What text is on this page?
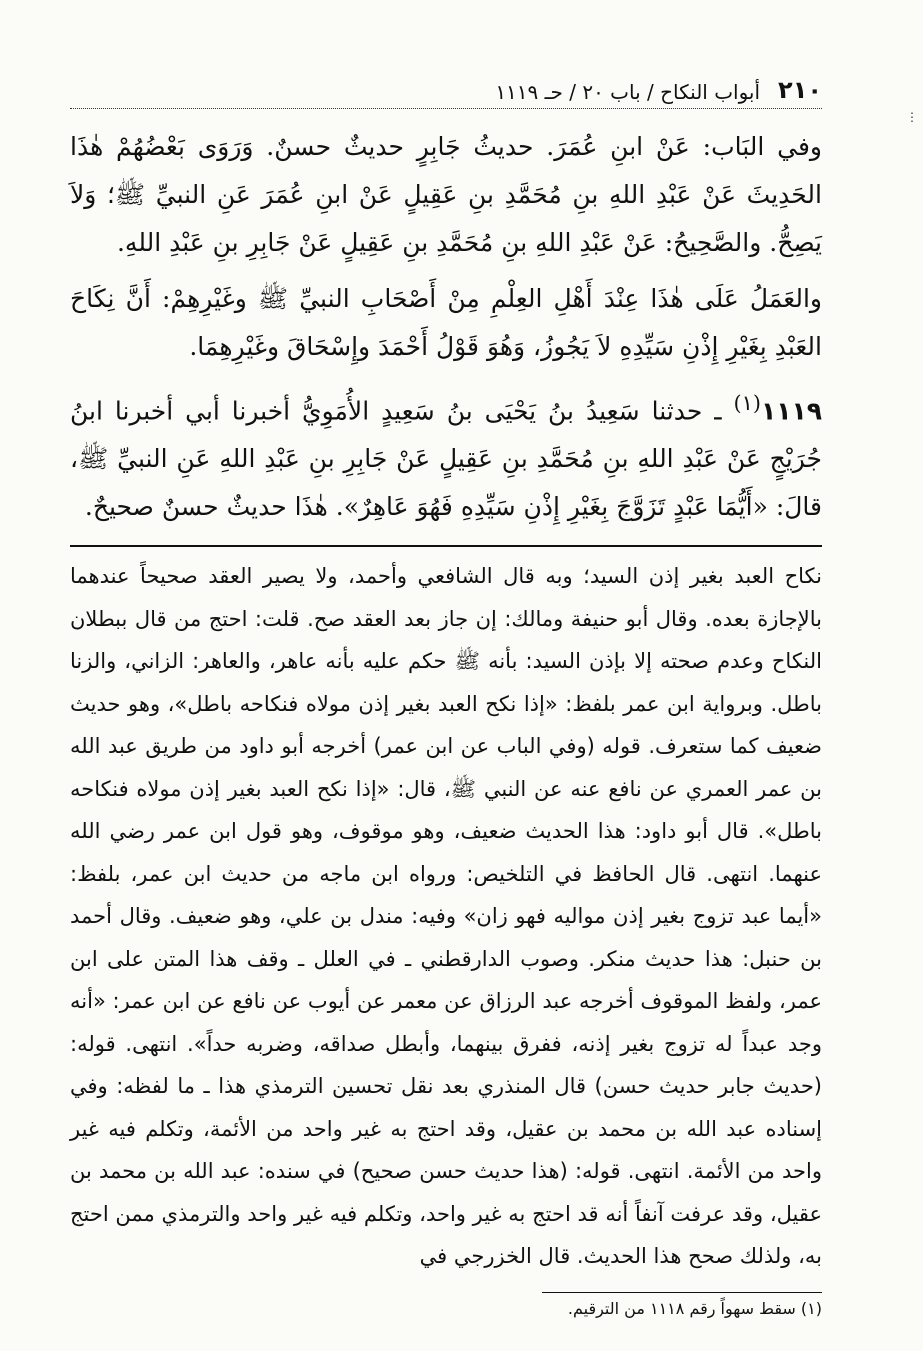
٢١٠
أبواب النكاح / باب ٢٠ / حـ ١١١٩

وفي البَاب: عَنْ ابنِ عُمَرَ. حديثُ جَابِرٍ حديثٌ حسنٌ. وَرَوَى بَعْضُهُمْ هٰذَا الحَدِيثَ عَنْ عَبْدِ اللهِ بنِ مُحَمَّدِ بنِ عَقِيلٍ عَنْ ابنِ عُمَرَ عَنِ النبيِّ ﷺ؛ وَلاَ يَصِحُّ. والصَّحِيحُ: عَنْ عَبْدِ اللهِ بنِ مُحَمَّدِ بنِ عَقِيلٍ عَنْ جَابِرِ بنِ عَبْدِ اللهِ.

والعَمَلُ عَلَى هٰذَا عِنْدَ أَهْلِ العِلْمِ مِنْ أَصْحَابِ النبيِّ ﷺ وغَيْرِهِمْ: أَنَّ نِكَاحَ العَبْدِ بِغَيْرِ إِذْنِ سَيِّدِهِ لاَ يَجُوزُ، وَهُوَ قَوْلُ أَحْمَدَ وإِسْحَاقَ وغَيْرِهِمَا.

١١١٩$^{(١)}$ ـ حدثنا سَعِيدُ بنُ يَحْيَى بنُ سَعِيدٍ الأُمَوِيُّ أخبرنا أبي أخبرنا ابنُ جُرَيْجٍ عَنْ عَبْدِ اللهِ بنِ مُحَمَّدِ بنِ عَقِيلٍ عَنْ جَابِرِ بنِ عَبْدِ اللهِ عَنِ النبيِّ ﷺ، قالَ: «أَيُّمَا عَبْدٍ تَزَوَّجَ بِغَيْرِ إِذْنِ سَيِّدِهِ فَهُوَ عَاهِرٌ». هٰذَا حديثٌ حسنٌ صحيحٌ.

نكاح العبد بغير إذن السيد؛ وبه قال الشافعي وأحمد، ولا يصير العقد صحيحاً عندهما بالإجازة بعده. وقال أبو حنيفة ومالك: إن جاز بعد العقد صح. قلت: احتج من قال ببطلان النكاح وعدم صحته إلا بإذن السيد: بأنه ﷺ حكم عليه بأنه عاهر، والعاهر: الزاني، والزنا باطل. وبرواية ابن عمر بلفظ: «إذا نكح العبد بغير إذن مولاه فنكاحه باطل»، وهو حديث ضعيف كما ستعرف. قوله (وفي الباب عن ابن عمر) أخرجه أبو داود من طريق عبد الله بن عمر العمري عن نافع عنه عن النبي ﷺ، قال: «إذا نكح العبد بغير إذن مولاه فنكاحه باطل». قال أبو داود: هذا الحديث ضعيف، وهو موقوف، وهو قول ابن عمر رضي الله عنهما. انتهى. قال الحافظ في التلخيص: ورواه ابن ماجه من حديث ابن عمر، بلفظ: «أيما عبد تزوج بغير إذن مواليه فهو زان» وفيه: مندل بن علي، وهو ضعيف. وقال أحمد بن حنبل: هذا حديث منكر. وصوب الدارقطني ـ في العلل ـ وقف هذا المتن على ابن عمر، ولفظ الموقوف أخرجه عبد الرزاق عن معمر عن أيوب عن نافع عن ابن عمر: «أنه وجد عبداً له تزوج بغير إذنه، ففرق بينهما، وأبطل صداقه، وضربه حداً». انتهى. قوله: (حديث جابر حديث حسن) قال المنذري بعد نقل تحسين الترمذي هذا ـ ما لفظه: وفي إسناده عبد الله بن محمد بن عقيل، وقد احتج به غير واحد من الأئمة، وتكلم فيه غير واحد من الأئمة. انتهى. قوله: (هذا حديث حسن صحيح) في سنده: عبد الله بن محمد بن عقيل، وقد عرفت آنفاً أنه قد احتج به غير واحد، وتكلم فيه غير واحد والترمذي ممن احتج به، ولذلك صحح هذا الحديث. قال الخزرجي في

(١) سقط سهواً رقم ١١١٨ من الترقيم.
⋮
